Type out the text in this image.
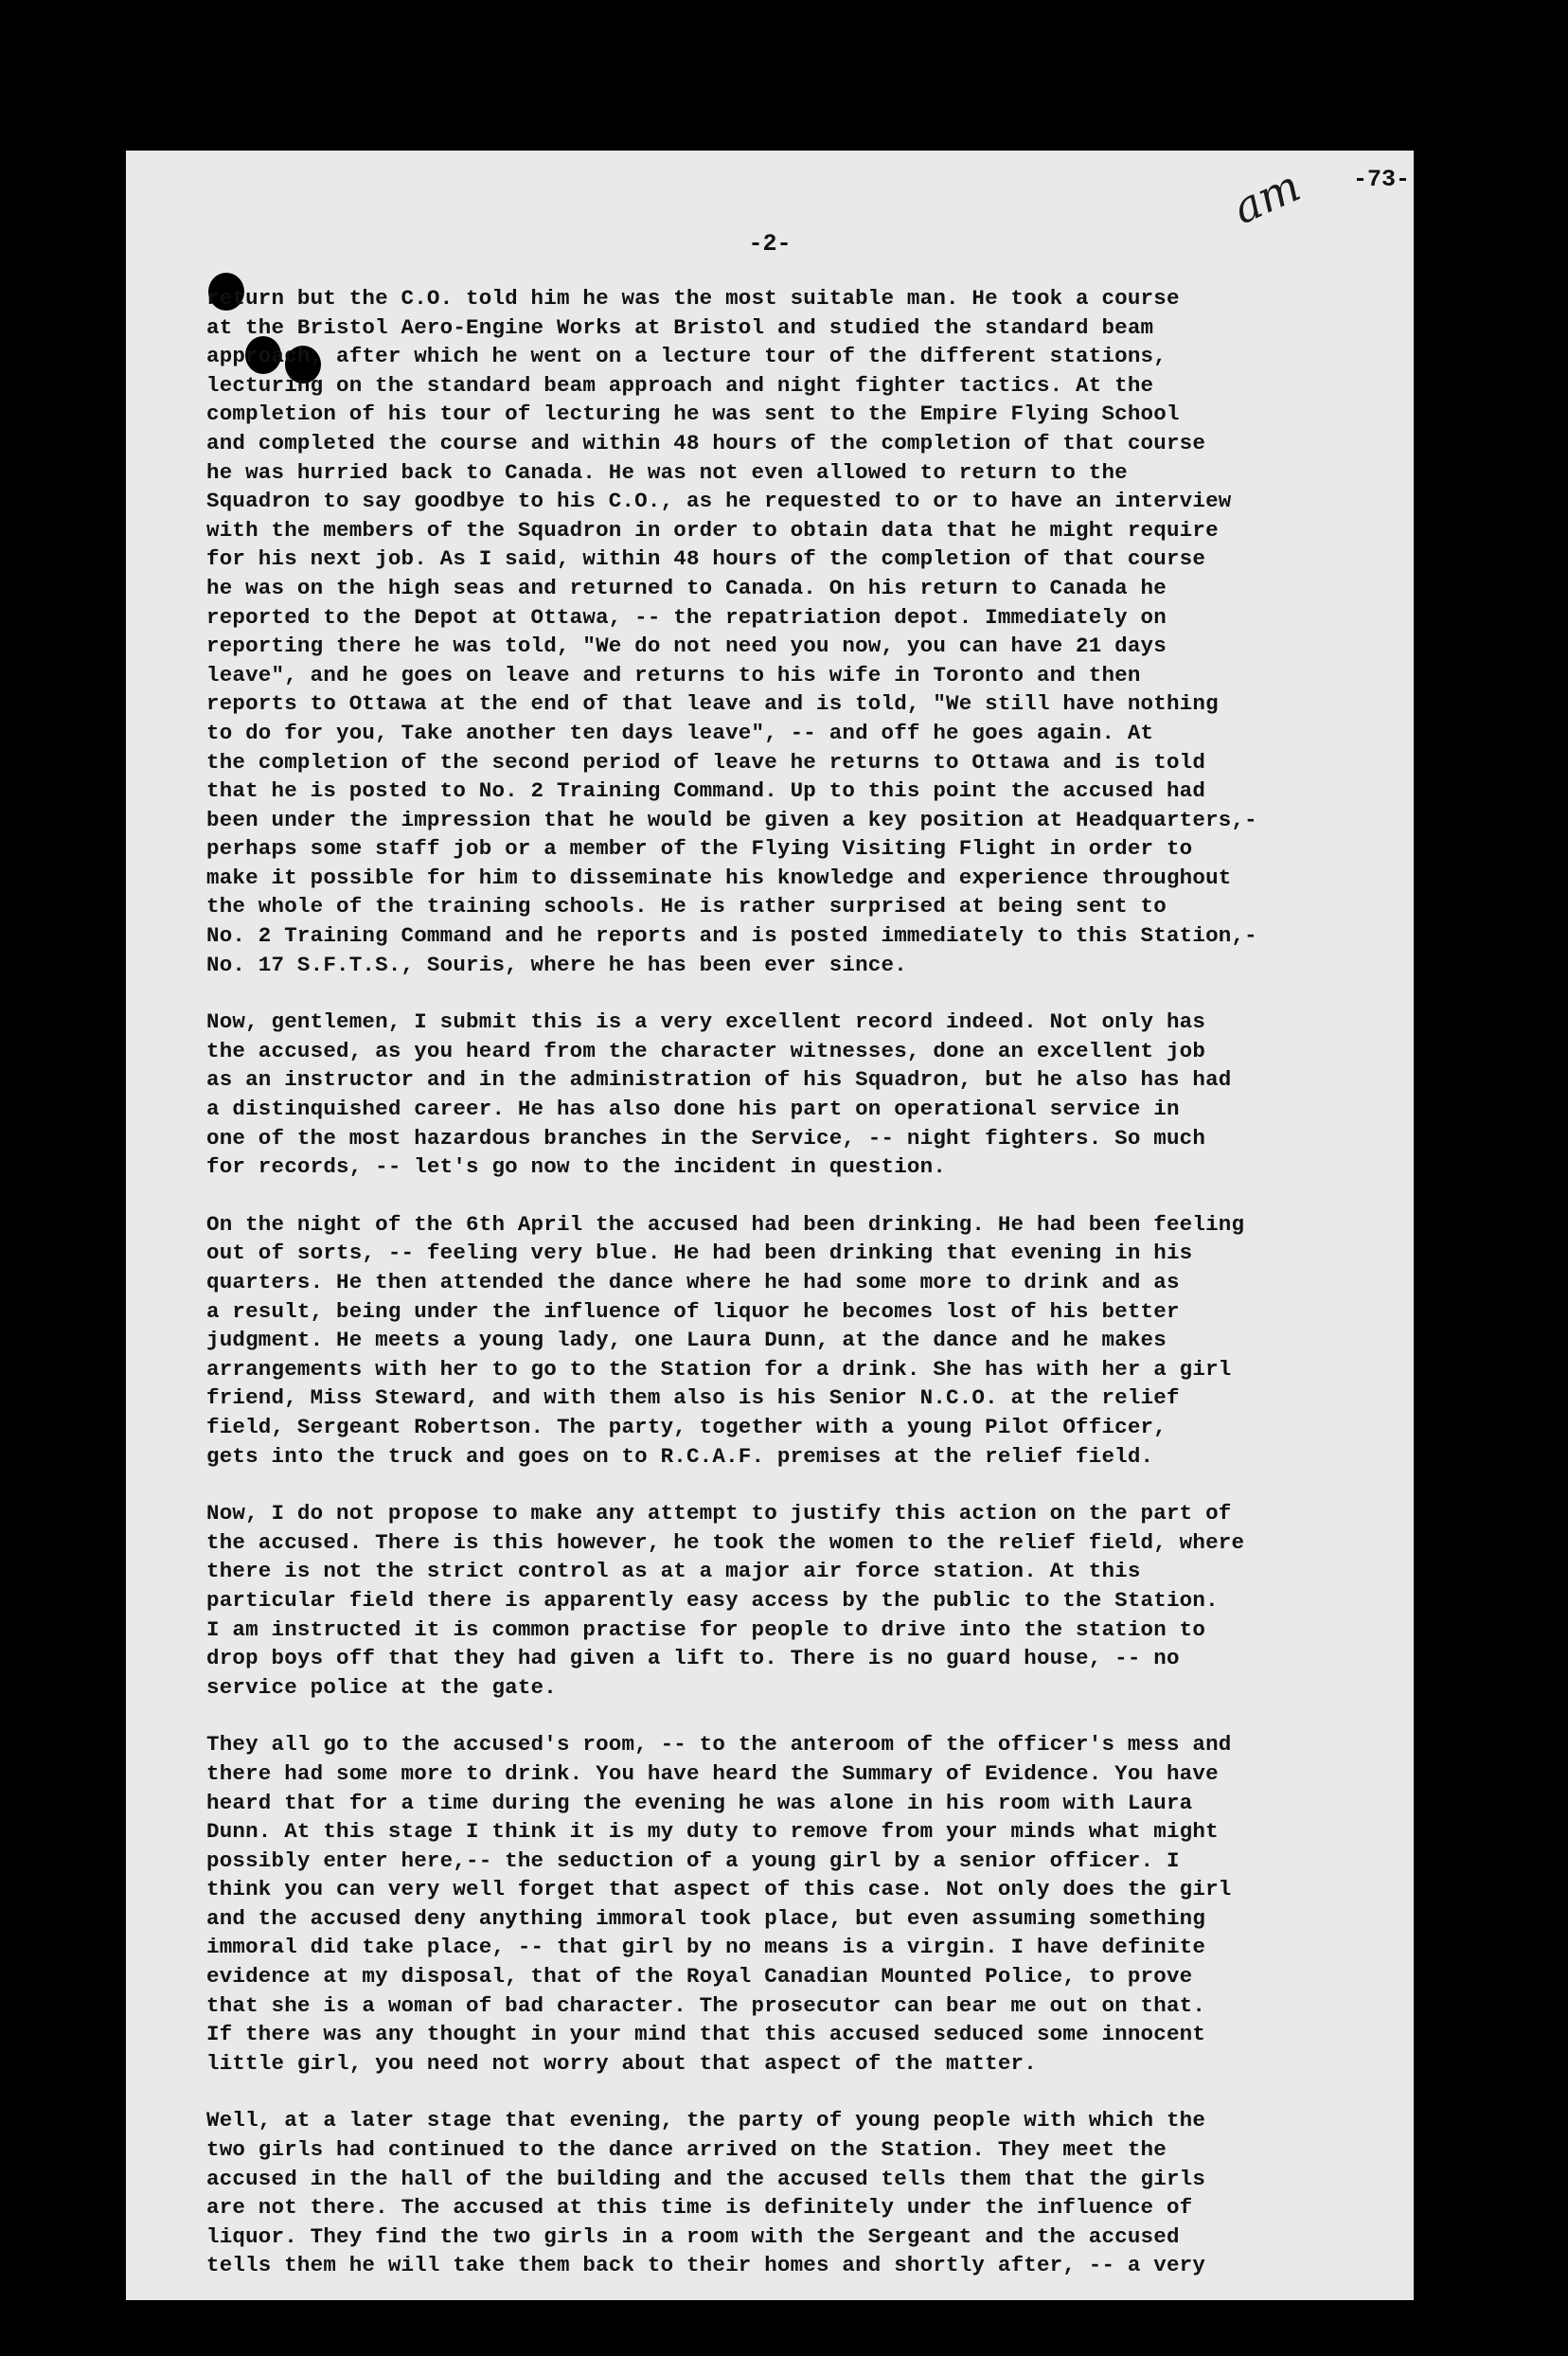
-73-
-2-
am
return but the C.O. told him he was the most suitable man. He took a course
at the Bristol Aero-Engine Works at Bristol and studied the standard beam
approach, after which he went on a lecture tour of the different stations,
lecturing on the standard beam approach and night fighter tactics. At the
completion of his tour of lecturing he was sent to the Empire Flying School
and completed the course and within 48 hours of the completion of that course
he was hurried back to Canada. He was not even allowed to return to the
Squadron to say goodbye to his C.O., as he requested to or to have an interview
with the members of the Squadron in order to obtain data that he might require
for his next job. As I said, within 48 hours of the completion of that course
he was on the high seas and returned to Canada. On his return to Canada he
reported to the Depot at Ottawa, -- the repatriation depot. Immediately on
reporting there he was told, "We do not need you now, you can have 21 days
leave", and he goes on leave and returns to his wife in Toronto and then
reports to Ottawa at the end of that leave and is told, "We still have nothing
to do for you, Take another ten days leave", -- and off he goes again. At
the completion of the second period of leave he returns to Ottawa and is told
that he is posted to No. 2 Training Command. Up to this point the accused had
been under the impression that he would be given a key position at Headquarters,-
perhaps some staff job or a member of the Flying Visiting Flight in order to
make it possible for him to disseminate his knowledge and experience throughout
the whole of the training schools. He is rather surprised at being sent to
No. 2 Training Command and he reports and is posted immediately to this Station,-
No. 17 S.F.T.S., Souris, where he has been ever since.
Now, gentlemen, I submit this is a very excellent record indeed. Not only has
the accused, as you heard from the character witnesses, done an excellent job
as an instructor and in the administration of his Squadron, but he also has had
a distinquished career. He has also done his part on operational service in
one of the most hazardous branches in the Service, -- night fighters. So much
for records, -- let's go now to the incident in question.
On the night of the 6th April the accused had been drinking. He had been feeling
out of sorts, -- feeling very blue. He had been drinking that evening in his
quarters. He then attended the dance where he had some more to drink and as
a result, being under the influence of liquor he becomes lost of his better
judgment. He meets a young lady, one Laura Dunn, at the dance and he makes
arrangements with her to go to the Station for a drink. She has with her a girl
friend, Miss Steward, and with them also is his Senior N.C.O. at the relief
field, Sergeant Robertson. The party, together with a young Pilot Officer,
gets into the truck and goes on to R.C.A.F. premises at the relief field.
Now, I do not propose to make any attempt to justify this action on the part of
the accused. There is this however, he took the women to the relief field, where
there is not the strict control as at a major air force station. At this
particular field there is apparently easy access by the public to the Station.
I am instructed it is common practise for people to drive into the station to
drop boys off that they had given a lift to. There is no guard house, -- no
service police at the gate.
They all go to the accused's room, -- to the anteroom of the officer's mess and
there had some more to drink. You have heard the Summary of Evidence. You have
heard that for a time during the evening he was alone in his room with Laura
Dunn. At this stage I think it is my duty to remove from your minds what might
possibly enter here,-- the seduction of a young girl by a senior officer. I
think you can very well forget that aspect of this case. Not only does the girl
and the accused deny anything immoral took place, but even assuming something
immoral did take place, -- that girl by no means is a virgin. I have definite
evidence at my disposal, that of the Royal Canadian Mounted Police, to prove
that she is a woman of bad character. The prosecutor can bear me out on that.
If there was any thought in your mind that this accused seduced some innocent
little girl, you need not worry about that aspect of the matter.
Well, at a later stage that evening, the party of young people with which the
two girls had continued to the dance arrived on the Station. They meet the
accused in the hall of the building and the accused tells them that the girls
are not there. The accused at this time is definitely under the influence of
liquor. They find the two girls in a room with the Sergeant and the accused
tells them he will take them back to their homes and shortly after, -- a very
